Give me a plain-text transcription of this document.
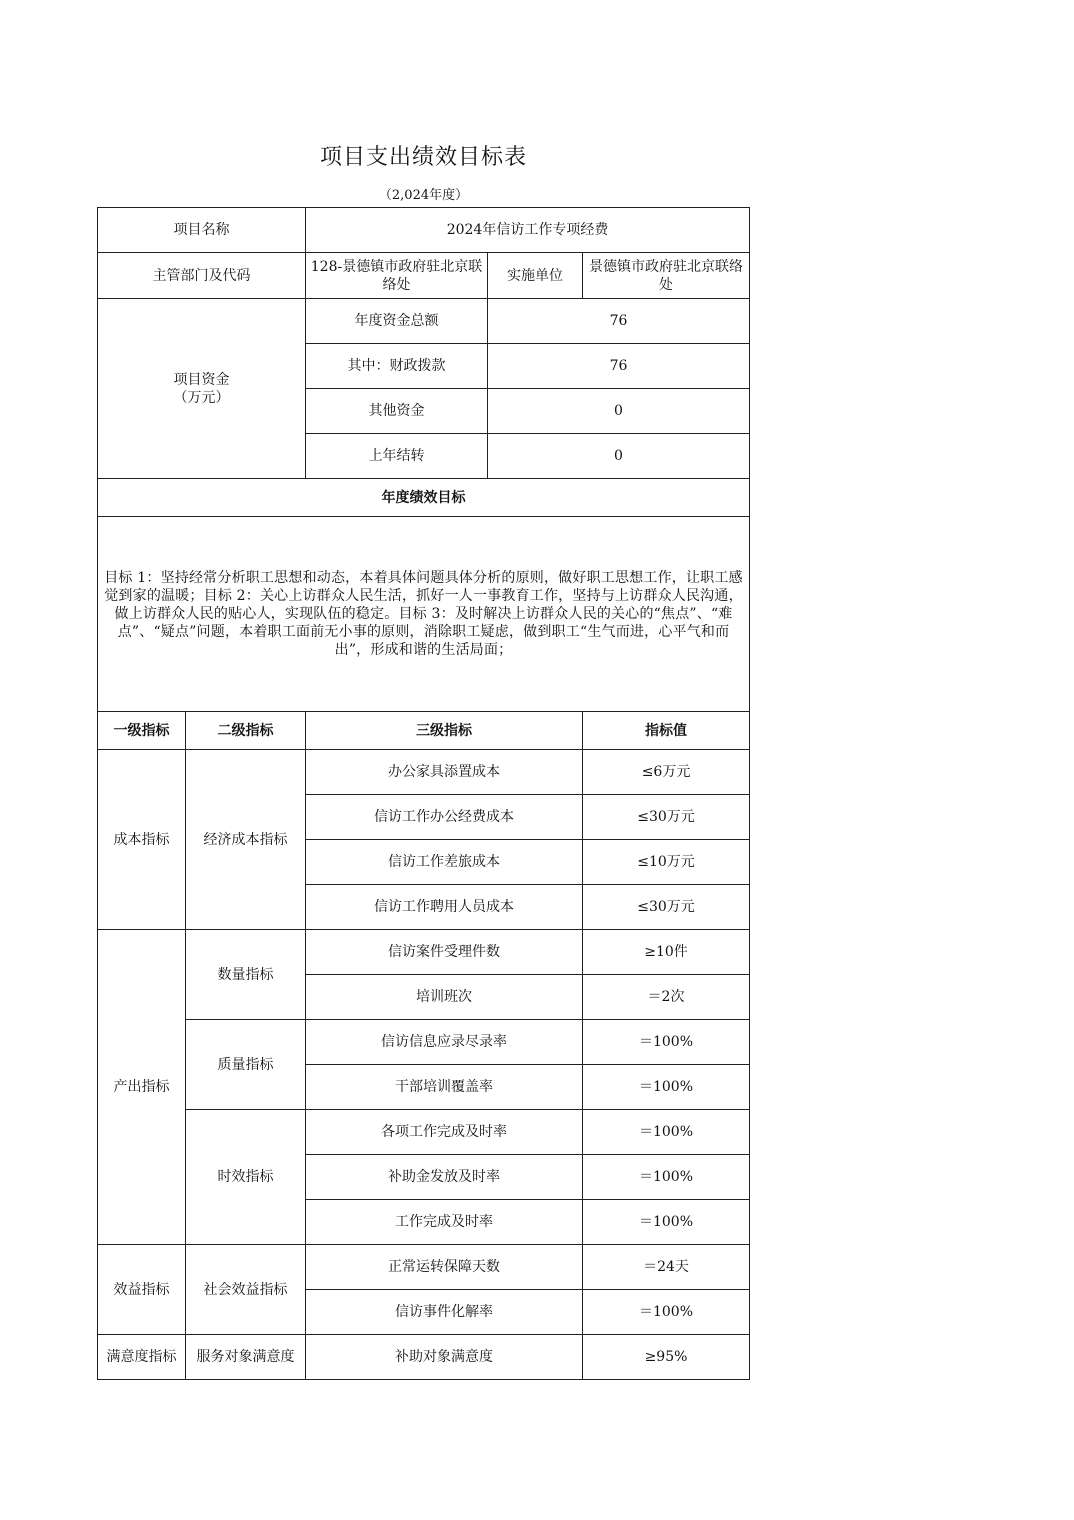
项目支出绩效目标表
（2,024年度）
项目名称		2024年信访工作专项经费		
主管部门及代码		128-景德镇市政府驻北京联络处	实施单位	景德镇市政府驻北京联络处

项目资金
（万元）		年度资金总额	76	
		其中：财政拨款	76	
		其他资金	0	
		上年结转	0	
年度绩效目标				
目标 1：坚持经常分析职工思想和动态，本着具体问题具体分析的原则，做好职工思想工作，让职工感觉到家的温暖；目标 2：关心上访群众人民生活，抓好一人一事教育工作，坚持与上访群众人民沟通，做上访群众人民的贴心人，实现队伍的稳定。目标 3：及时解决上访群众人民的关心的“焦点”、“难点”、“疑点”问题，本着职工面前无小事的原则，消除职工疑虑，做到职工“生气而进，心平气和而出”，形成和谐的生活局面；				
一级指标	二级指标	三级指标		指标值
成本指标	经济成本指标	办公家具添置成本		≤6万元
		信访工作办公经费成本		≤30万元
		信访工作差旅成本		≤10万元
		信访工作聘用人员成本		≤30万元
产出指标	数量指标	信访案件受理件数		≥10件
		培训班次		＝2次
	质量指标	信访信息应录尽录率		＝100%
		干部培训覆盖率		＝100%
	时效指标	各项工作完成及时率		＝100%
		补助金发放及时率		＝100%
		工作完成及时率		＝100%
效益指标	社会效益指标	正常运转保障天数		＝24天
		信访事件化解率		＝100%
满意度指标	服务对象满意度	补助对象满意度		≥95%
